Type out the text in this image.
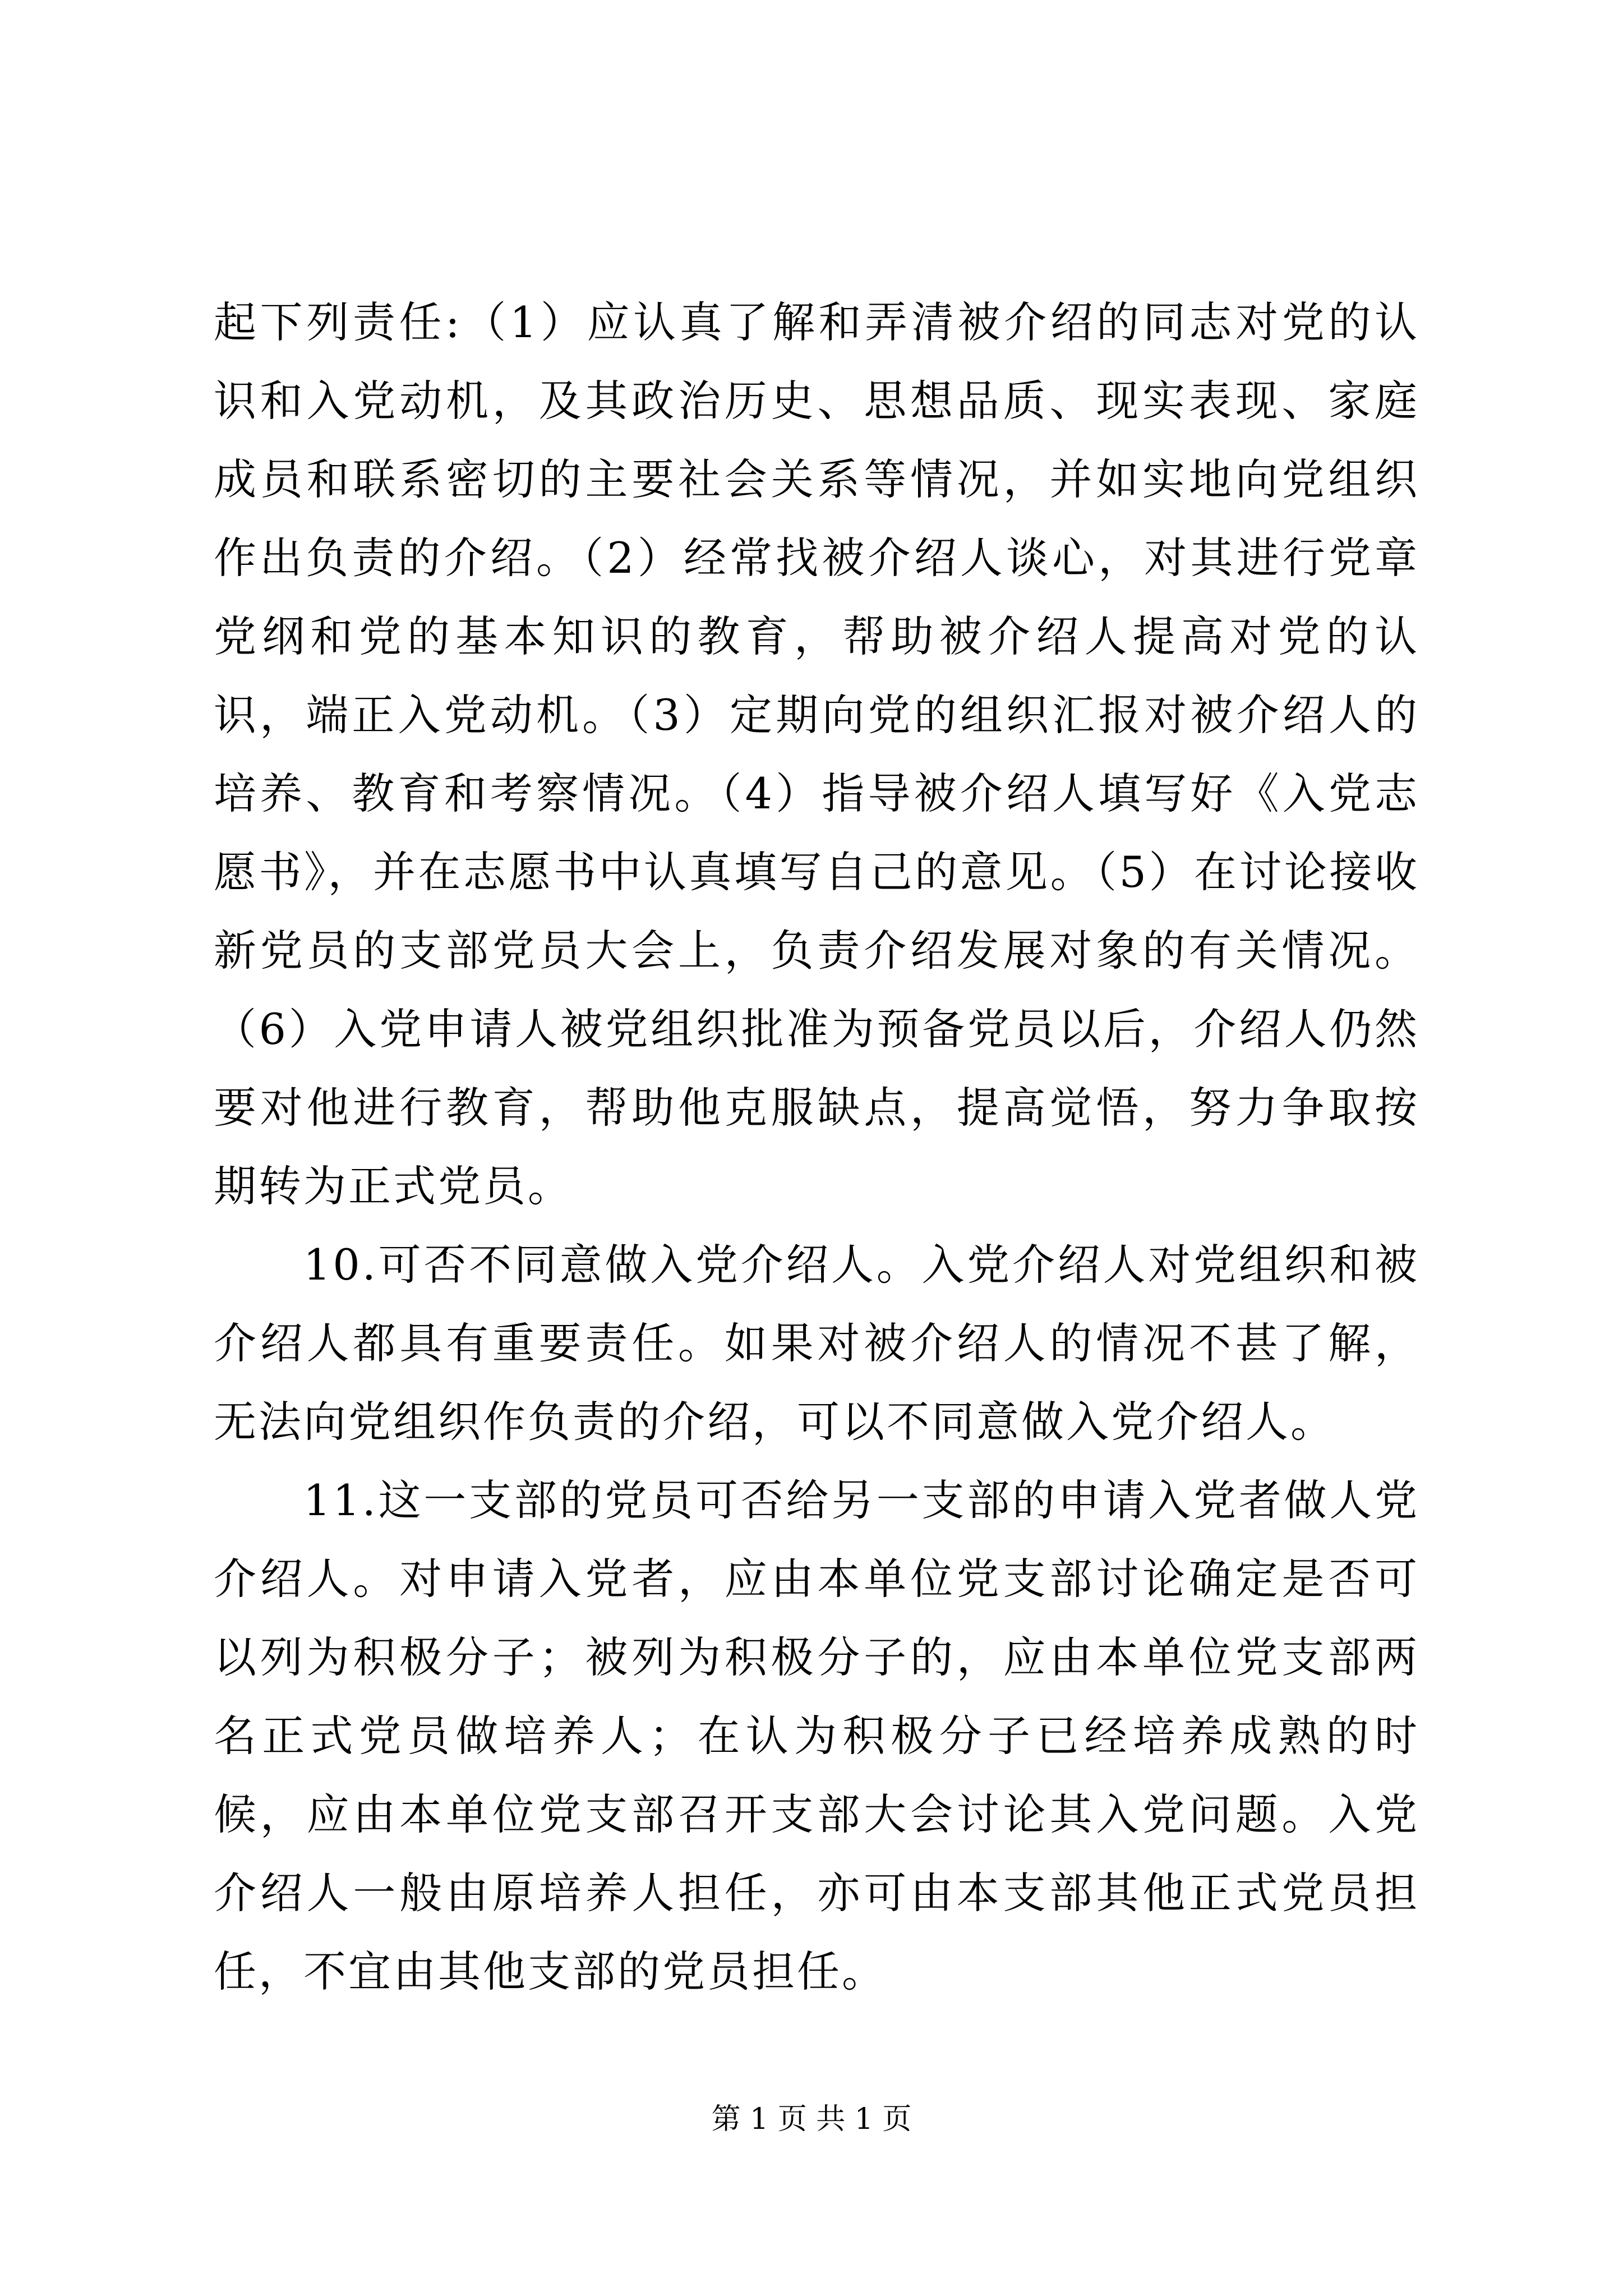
起下列责任:（1）应认真了解和弄清被介绍的同志对党的认识和入党动机，及其政治历史、思想品质、现实表现、家庭成员和联系密切的主要社会关系等情况，并如实地向党组织作出负责的介绍。（2）经常找被介绍人谈心，对其进行党章党纲和党的基本知识的教育，帮助被介绍人提高对党的认识，端正入党动机。（3）定期向党的组织汇报对被介绍人的培养、教育和考察情况。（4）指导被介绍人填写好《入党志愿书》，并在志愿书中认真填写自己的意见。（5）在讨论接收新党员的支部党员大会上，负责介绍发展对象的有关情况。（6）入党申请人被党组织批准为预备党员以后，介绍人仍然要对他进行教育，帮助他克服缺点，提高觉悟，努力争取按期转为正式党员。

10.可否不同意做入党介绍人。入党介绍人对党组织和被介绍人都具有重要责任。如果对被介绍人的情况不甚了解，无法向党组织作负责的介绍，可以不同意做入党介绍人。

11.这一支部的党员可否给另一支部的申请入党者做人党介绍人。对申请入党者，应由本单位党支部讨论确定是否可以列为积极分子；被列为积极分子的，应由本单位党支部两名正式党员做培养人；在认为积极分子已经培养成熟的时候，应由本单位党支部召开支部大会讨论其入党问题。入党介绍人一般由原培养人担任，亦可由本支部其他正式党员担任，不宜由其他支部的党员担任。

第 1 页 共 1 页
